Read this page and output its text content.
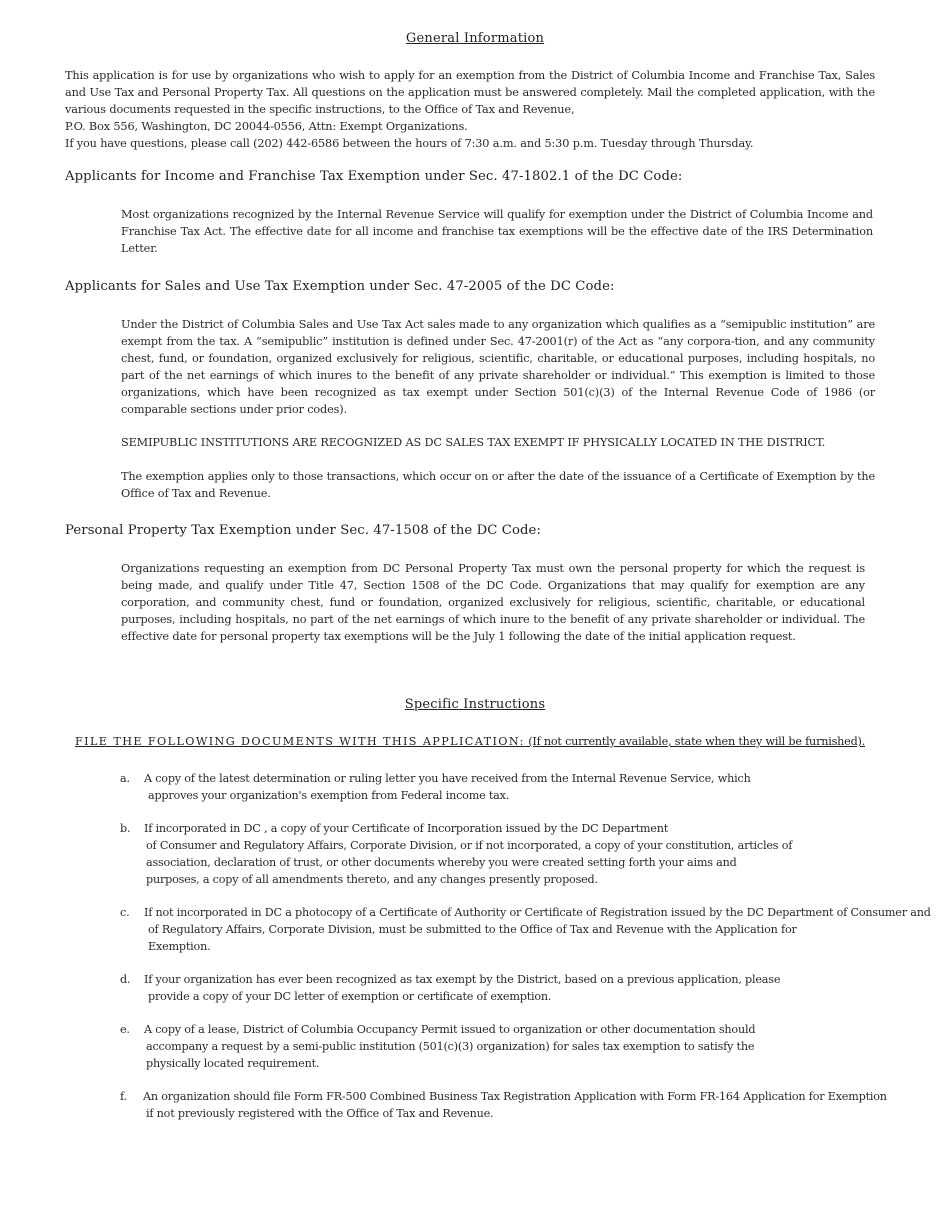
General Information
This application is for use by organizations who wish to apply for an exemption from the District of Columbia Income and Franchise Tax, Sales and Use Tax and Personal Property Tax. All questions on the application must be answered completely. Mail the completed application, with the various documents requested in the specific instructions, to the Office of Tax and Revenue,
P.O. Box 556, Washington, DC 20044-0556, Attn: Exempt Organizations.
If you have questions, please call (202) 442-6586 between the hours of 7:30 a.m. and 5:30 p.m. Tuesday through Thursday.
Applicants for Income and Franchise Tax Exemption under Sec. 47-1802.1 of the DC Code:
Most organizations recognized by the Internal Revenue Service will qualify for exemption under the District of Columbia Income and Franchise Tax Act. The effective date for all income and franchise tax exemptions will be the effective date of the IRS Determination Letter.
Applicants for Sales and Use Tax Exemption under Sec. 47-2005 of the DC Code:
Under the District of Columbia Sales and Use Tax Act sales made to any organization which qualifies as a “semipublic institution” are exempt from the tax. A “semipublic” institution is defined under Sec. 47-2001(r) of the Act as “any corpora-tion, and any community chest, fund, or foundation, organized exclusively for religious, scientific, charitable, or educational purposes, including hospitals, no part of the net earnings of which inures to the benefit of any private shareholder or individual.” This exemption is limited to those organizations, which have been recognized as tax exempt under Section 501(c)(3) of the Internal Revenue Code of 1986 (or comparable sections under prior codes).
SEMIPUBLIC INSTITUTIONS ARE RECOGNIZED AS DC SALES TAX EXEMPT IF PHYSICALLY LOCATED IN THE DISTRICT.
The exemption applies only to those transactions, which occur on or after the date of the issuance of a Certificate of Exemption by the Office of Tax and Revenue.
Personal Property Tax Exemption under Sec. 47-1508 of the DC Code:
Organizations requesting an exemption from DC Personal Property Tax must own the personal property for which the request is being made, and qualify under Title 47, Section 1508 of the DC Code. Organizations that may qualify for exemption are any corporation, and community chest, fund or foundation, organized exclusively for religious, scientific, charitable, or educational purposes, including hospitals, no part of the net earnings of which inure to the benefit of any private shareholder or individual. The effective date for personal property tax exemptions will be the July 1 following the date of the initial application request.
Specific Instructions
FILE THE FOLLOWING DOCUMENTS WITH THIS APPLICATION: (If not currently available, state when they will be furnished).
a. A copy of the latest determination or ruling letter you have received from the Internal Revenue Service, which
approves your organization's exemption from Federal income tax.
b. If incorporated in DC , a copy of your Certificate of Incorporation issued by the DC Department
of Consumer and Regulatory Affairs, Corporate Division, or if not incorporated, a copy of your constitution, articles of
association, declaration of trust, or other documents whereby you were created setting forth your aims and
purposes, a copy of all amendments thereto, and any changes presently proposed.
c. If not incorporated in DC a photocopy of a Certificate of Authority or Certificate of Registration issued by the DC Department of Consumer and
of Regulatory Affairs, Corporate Division, must be submitted to the Office of Tax and Revenue with the Application for
Exemption.
d. If your organization has ever been recognized as tax exempt by the District, based on a previous application, please
provide a copy of your DC letter of exemption or certificate of exemption.
e. A copy of a lease, District of Columbia Occupancy Permit issued to organization or other documentation should
accompany a request by a semi-public institution (501(c)(3) organization) for sales tax exemption to satisfy the
physically located requirement.
f. An organization should file Form FR-500 Combined Business Tax Registration Application with Form FR-164 Application for Exemption
if not previously registered with the Office of Tax and Revenue.
